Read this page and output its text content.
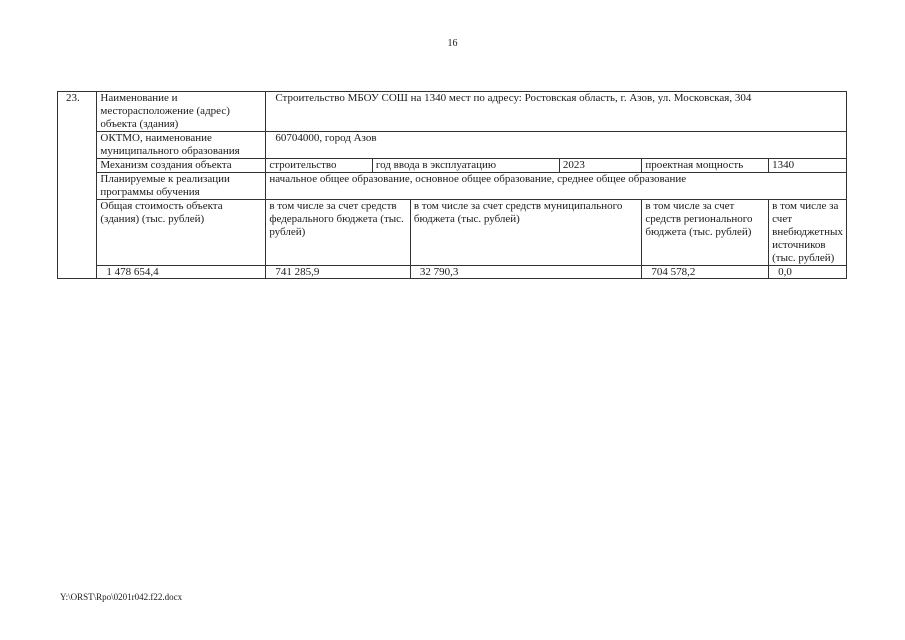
16
23.	Наименование и месторасположение (адрес) объекта (здания)	Строительство МБОУ СОШ на 1340 мест по адресу: Ростовская область, г. Азов, ул. Московская, 304					
	ОКТМО, наименование муниципального образования	60704000, город Азов					
	Механизм создания объекта	строительство	год ввода в эксплуатацию		2023	проектная мощность	1340
	Планируемые к реализации программы обучения	начальное общее образование, основное общее образование, среднее общее образование					
	Общая стоимость объекта (здания) (тыс. рублей)	в том числе за счет средств федерального бюджета (тыс. рублей)		в том числе за счет средств муниципального бюджета (тыс. рублей)		в том числе за счет средств регионального бюджета (тыс. рублей)	в том числе за счет внебюджетных источников (тыс. рублей)
	1 478 654,4	741 285,9		32 790,3		704 578,2	0,0
Y:\ORST\Rpo\0201r042.f22.docx
